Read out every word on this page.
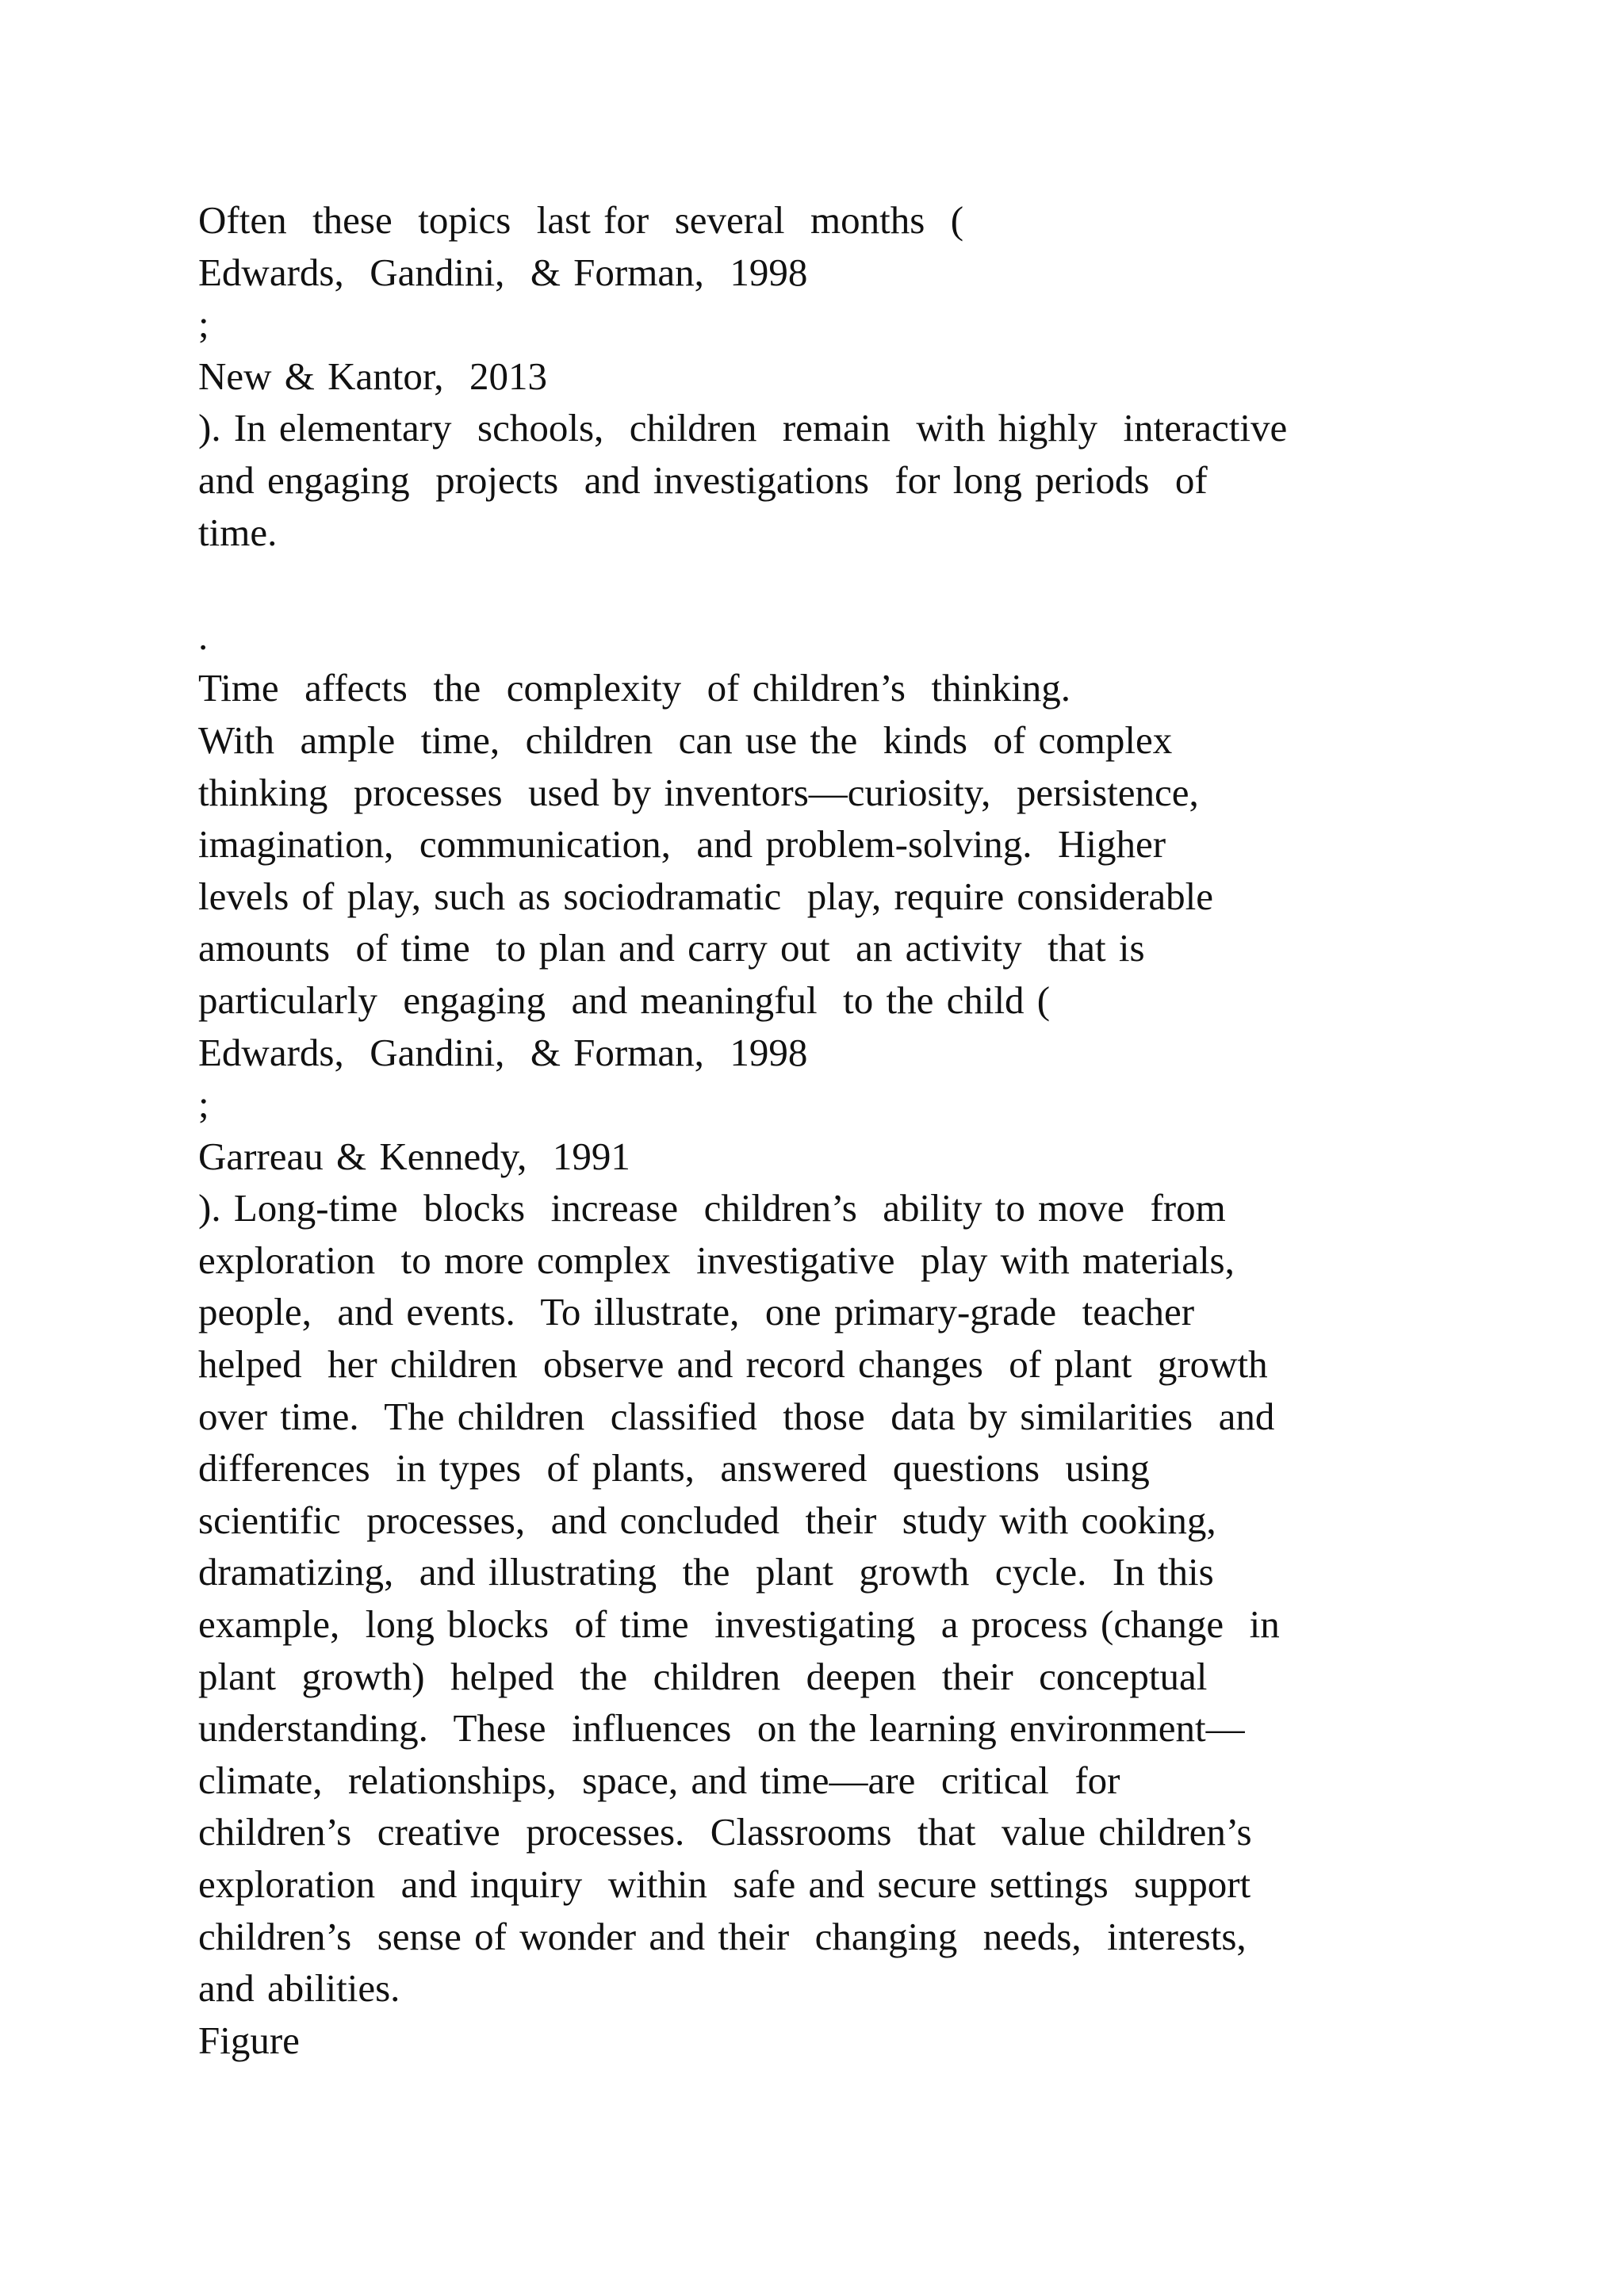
Often  these  topics  last for  several  months  (
Edwards,  Gandini,  & Forman,  1998
;
New & Kantor,  2013
). In elementary  schools,  children  remain  with highly  interactive
and engaging  projects  and investigations  for long periods  of
time.
.
Time  affects  the  complexity  of children’s  thinking.
With  ample  time,  children  can use the  kinds  of complex
thinking  processes  used by inventors—curiosity,  persistence,
imagination,  communication,  and problem-solving.  Higher
levels of play, such as sociodramatic  play, require considerable
amounts  of time  to plan and carry out  an activity  that is
particularly  engaging  and meaningful  to the child (
Edwards,  Gandini,  & Forman,  1998
;
Garreau & Kennedy,  1991
). Long-time  blocks  increase  children’s  ability to move  from
exploration  to more complex  investigative  play with materials,
people,  and events.  To illustrate,  one primary-grade  teacher
helped  her children  observe and record changes  of plant  growth
over time.  The children  classified  those  data by similarities  and
differences  in types  of plants,  answered  questions  using
scientific  processes,  and concluded  their  study with cooking,
dramatizing,  and illustrating  the  plant  growth  cycle.  In this
example,  long blocks  of time  investigating  a process (change  in
plant  growth)  helped  the  children  deepen  their  conceptual
understanding.  These  influences  on the learning environment—
climate,  relationships,  space, and time—are  critical  for
children’s  creative  processes.  Classrooms  that  value children’s
exploration  and inquiry  within  safe and secure settings  support
children’s  sense of wonder and their  changing  needs,  interests,
and abilities.
Figure
